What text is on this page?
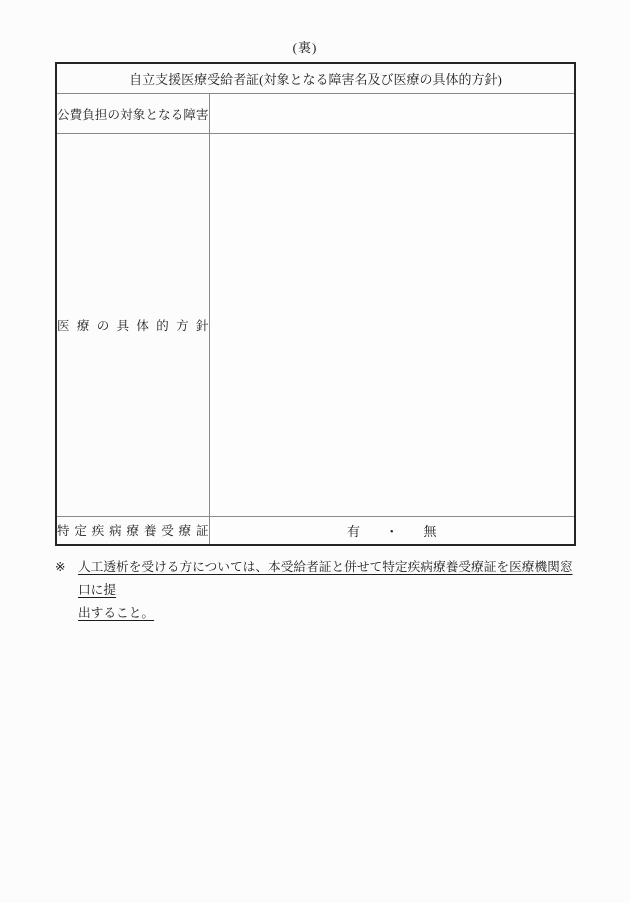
(裏)
自立支援医療受給者証(対象となる障害名及び医療の具体的方針)	
公費負担の対象となる障害	
医療の具体的方針	
特定疾病療養受療証	有 ・ 無
※ 人工透析を受ける方については、本受給者証と併せて特定疾病療養受療証を医療機関窓口に提
出すること。
